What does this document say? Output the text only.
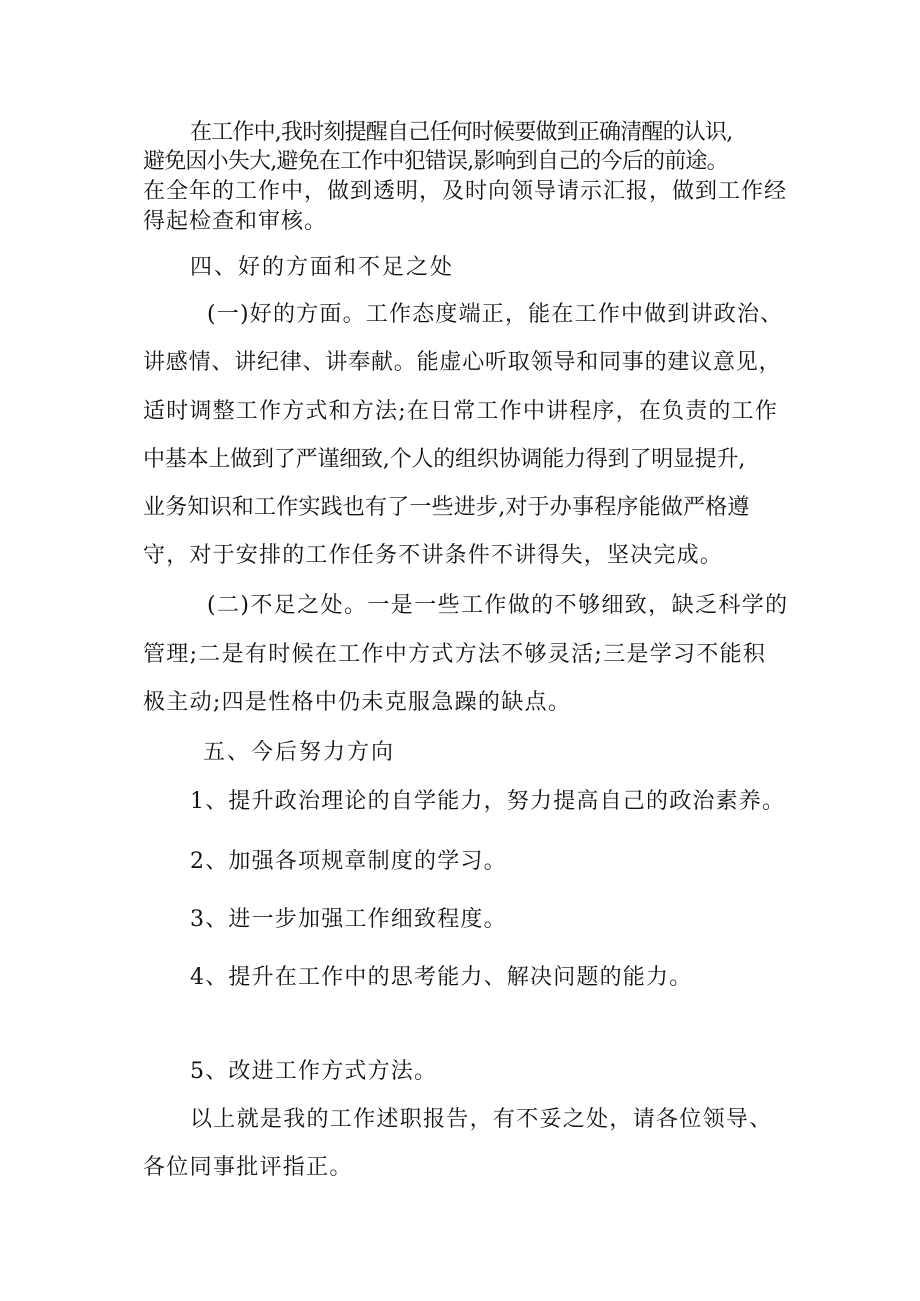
在工作中,我时刻提醒自己任何时候要做到正确清醒的认识,
避免因小失大,避免在工作中犯错误,影响到自己的今后的前途。
在全年的工作中，做到透明，及时向领导请示汇报，做到工作经
得起检查和审核。
四、好的方面和不足之处
(一)好的方面。工作态度端正，能在工作中做到讲政治、
讲感情、讲纪律、讲奉献。能虚心听取领导和同事的建议意见，
适时调整工作方式和方法;在日常工作中讲程序，在负责的工作
中基本上做到了严谨细致,个人的组织协调能力得到了明显提升,
业务知识和工作实践也有了一些进步,对于办事程序能做严格遵
守，对于安排的工作任务不讲条件不讲得失，坚决完成。
(二)不足之处。一是一些工作做的不够细致，缺乏科学的
管理;二是有时候在工作中方式方法不够灵活;三是学习不能积
极主动;四是性格中仍未克服急躁的缺点。
五、今后努力方向
1、提升政治理论的自学能力，努力提高自己的政治素养。
2、加强各项规章制度的学习。
3、进一步加强工作细致程度。
4、提升在工作中的思考能力、解决问题的能力。
5、改进工作方式方法。
以上就是我的工作述职报告，有不妥之处，请各位领导、
各位同事批评指正。
